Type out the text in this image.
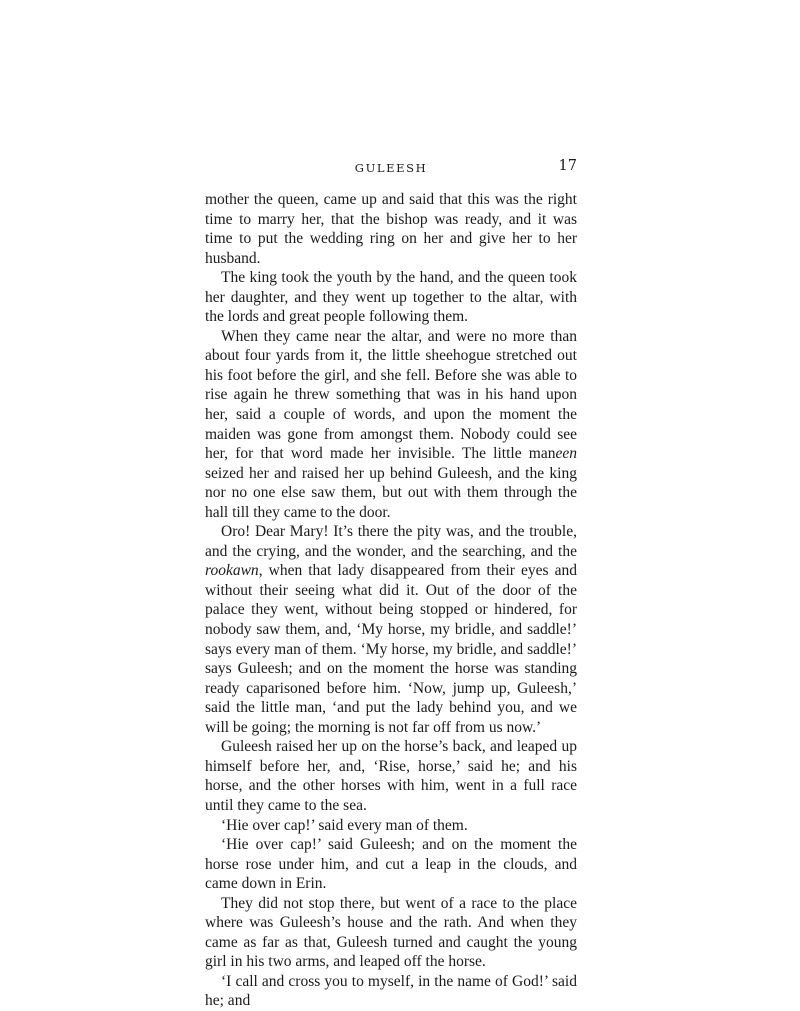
GULEESH	17

mother the queen, came up and said that this was the right time to marry her, that the bishop was ready, and it was time to put the wedding ring on her and give her to her husband.

The king took the youth by the hand, and the queen took her daughter, and they went up together to the altar, with the lords and great people following them.

When they came near the altar, and were no more than about four yards from it, the little sheehogue stretched out his foot before the girl, and she fell. Before she was able to rise again he threw something that was in his hand upon her, said a couple of words, and upon the moment the maiden was gone from amongst them. Nobody could see her, for that word made her invisible. The little maneen seized her and raised her up behind Guleesh, and the king nor no one else saw them, but out with them through the hall till they came to the door.

Oro! Dear Mary! It’s there the pity was, and the trouble, and the crying, and the wonder, and the searching, and the rookawn, when that lady disappeared from their eyes and without their seeing what did it. Out of the door of the palace they went, without being stopped or hindered, for nobody saw them, and, ‘My horse, my bridle, and saddle!’ says every man of them. ‘My horse, my bridle, and saddle!’ says Guleesh; and on the moment the horse was standing ready caparisoned before him. ‘Now, jump up, Guleesh,’ said the little man, ‘and put the lady behind you, and we will be going; the morning is not far off from us now.’

Guleesh raised her up on the horse’s back, and leaped up himself before her, and, ‘Rise, horse,’ said he; and his horse, and the other horses with him, went in a full race until they came to the sea.

‘Hie over cap!’ said every man of them.

‘Hie over cap!’ said Guleesh; and on the moment the horse rose under him, and cut a leap in the clouds, and came down in Erin.

They did not stop there, but went of a race to the place where was Guleesh’s house and the rath. And when they came as far as that, Guleesh turned and caught the young girl in his two arms, and leaped off the horse.

‘I call and cross you to myself, in the name of God!’ said he; and
